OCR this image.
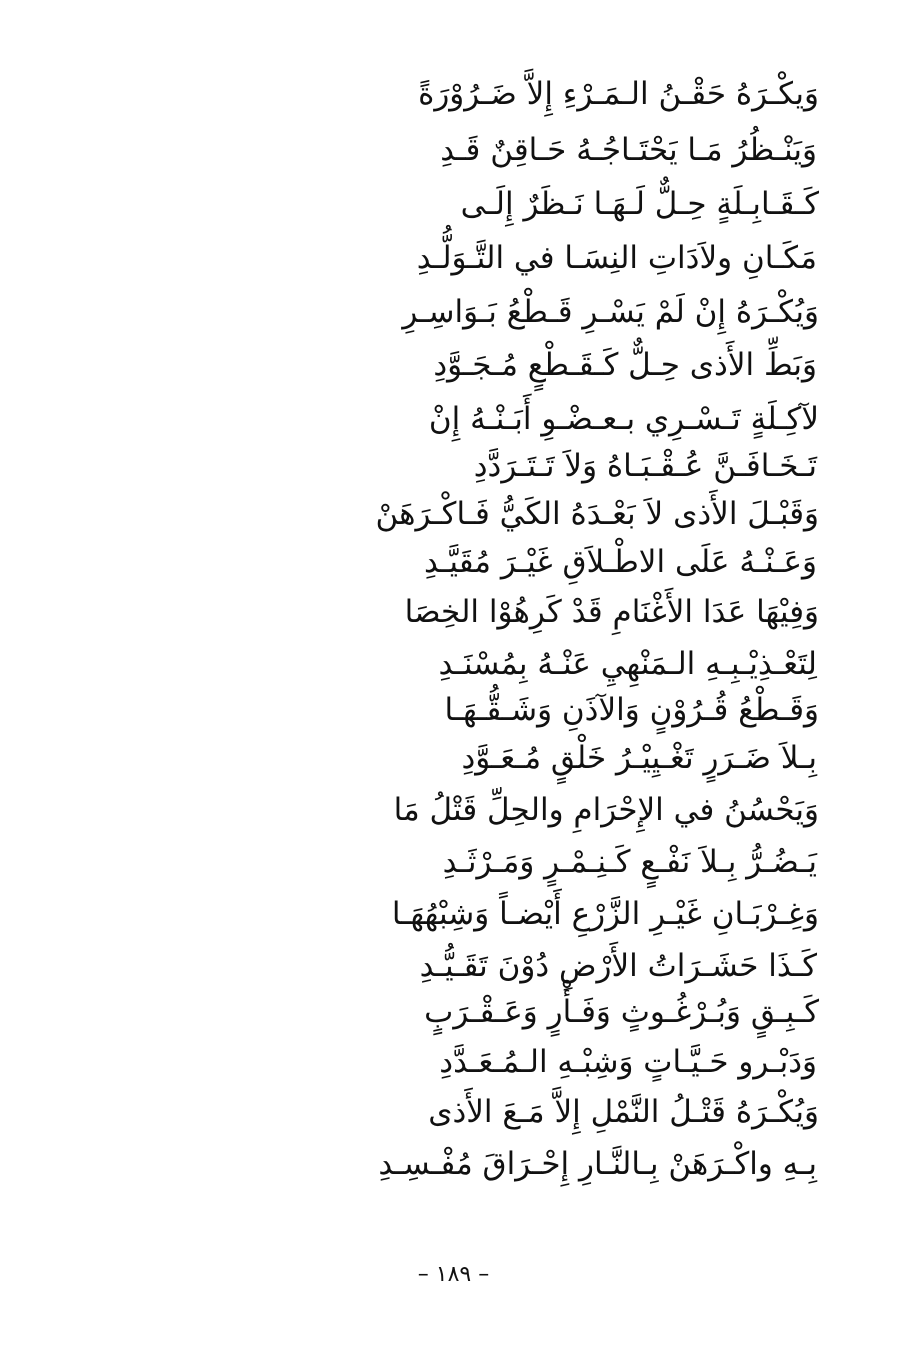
وَيكْـرَهُ حَقْـنُ الـمَـرْءِ إِلاَّ ضَـرُوْرَةً
وَيَنْـظُرُ مَـا يَحْتَـاجُـهُ حَـاقِنٌ قَـدِ
كَـقَـابِـلَةٍ حِـلٌّ لَـهَـا نَـظَرٌ إِلَـى
مَكَـانِ ولاَدَاتِ النِسَـا في التَّـوَلُّـدِ
وَيُكْـرَهُ إِنْ لَمْ يَسْـرِ قَـطْعُ بَـوَاسِـرِ
وَبَطِّ الأَذى حِـلٌّ كَـقَـطْعٍ مُـجَـوَّدِ
لآكِـلَةٍ تَـسْـرِي بـعـضْـوِ أَبَـنْـهُ إِنْ
تَـخَـافَـنَّ عُـقْـبَـاهُ وَلاَ تَـتَـرَدَّدِ
وَقَبْـلَ الأَذى لاَ بَعْـدَهُ الكَيُّ فَـاكْـرَهَنْ
وَعَـنْـهُ عَلَى الاطْـلاَقِ غَيْـرَ مُقَيَّـدِ
وَفِيْهَا عَدَا الأَغْنَامِ قَدْ كَرِهُوْا الخِصَا
لِتَعْـذِيْـبِـهِ الـمَنْهِيِ عَنْـهُ بِمُسْنَـدِ
وَقَـطْعُ قُـرُوْنٍ وَالآذَنِ وَشَـقُّـهَـا
بِـلاَ ضَـرَرٍ تَغْـيِيْـرُ خَلْقٍ مُـعَـوَّدِ
وَيَحْسُنُ في الإِحْرَامِ والحِلِّ قَتْلُ مَا
يَـضُـرُّ بِـلاَ نَفْـعٍ كَـنِـمْـرٍ وَمَـرْثَـدِ
وَغِـرْبَـانِ غَيْـرِ الزَّرْعِ أَيْضـاً وَشِبْهُهَـا
كَـذَا حَشَـرَاتُ الأَرْضِ دُوْنَ تَقَـيُّـدِ
كَـبِـقٍ وَبُـرْغُـوثٍ وَفَـأْرٍ وَعَـقْـرَبٍ
وَدَبْـرو حَـيَّـاتٍ وَشِبْـهِ الـمُـعَـدَّدِ
وَيُكْـرَهُ قَتْـلُ النَّمْلِ إِلاَّ مَـعَ الأَذى
بِـهِ واكْـرَهَنْ بِـالنَّـارِ إِحْـرَاقَ مُفْـسِـدِ
– ١٨٩ –
